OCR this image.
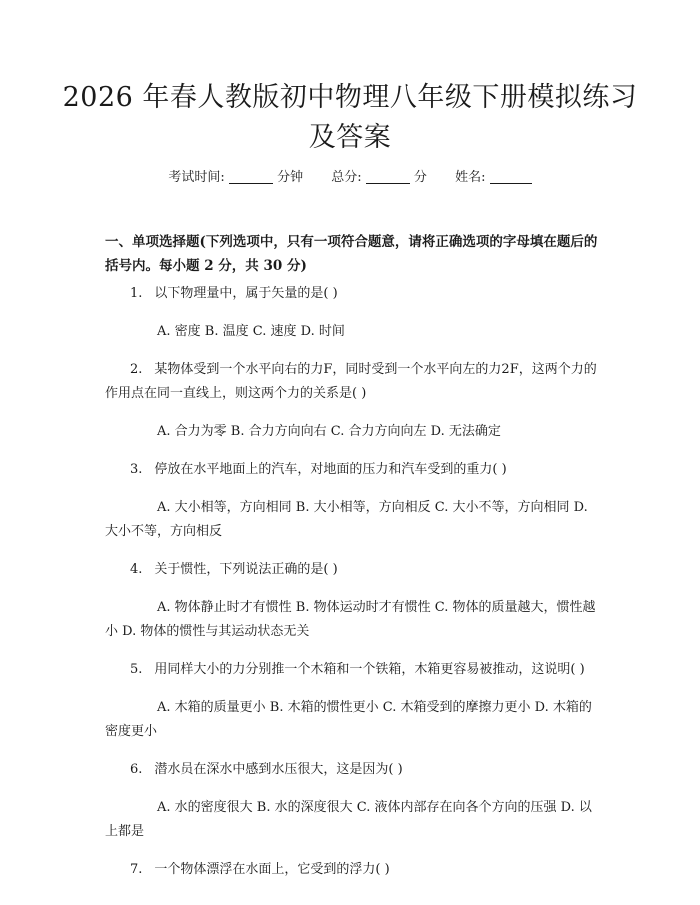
2026 年春人教版初中物理八年级下册模拟练习及答案
考试时间:	分钟 总分:	分 姓名:
一、单项选择题(下列选项中，只有一项符合题意，请将正确选项的字母填在题后的括号内。每小题 2 分，共 30 分)

1. 以下物理量中，属于矢量的是( )

A. 密度 B. 温度 C. 速度 D. 时间

2. 某物体受到一个水平向右的力F，同时受到一个水平向左的力2F，这两个力的作用点在同一直线上，则这两个力的关系是( )

A. 合力为零 B. 合力方向向右 C. 合力方向向左 D. 无法确定

3. 停放在水平地面上的汽车，对地面的压力和汽车受到的重力( )

A. 大小相等，方向相同 B. 大小相等，方向相反 C. 大小不等，方向相同 D. 大小不等，方向相反

4. 关于惯性，下列说法正确的是( )

A. 物体静止时才有惯性 B. 物体运动时才有惯性 C. 物体的质量越大，惯性越小 D. 物体的惯性与其运动状态无关

5. 用同样大小的力分别推一个木箱和一个铁箱，木箱更容易被推动，这说明( )

A. 木箱的质量更小 B. 木箱的惯性更小 C. 木箱受到的摩擦力更小 D. 木箱的密度更小

6. 潜水员在深水中感到水压很大，这是因为( )

A. 水的密度很大 B. 水的深度很大 C. 液体内部存在向各个方向的压强 D. 以上都是

7. 一个物体漂浮在水面上，它受到的浮力( )
